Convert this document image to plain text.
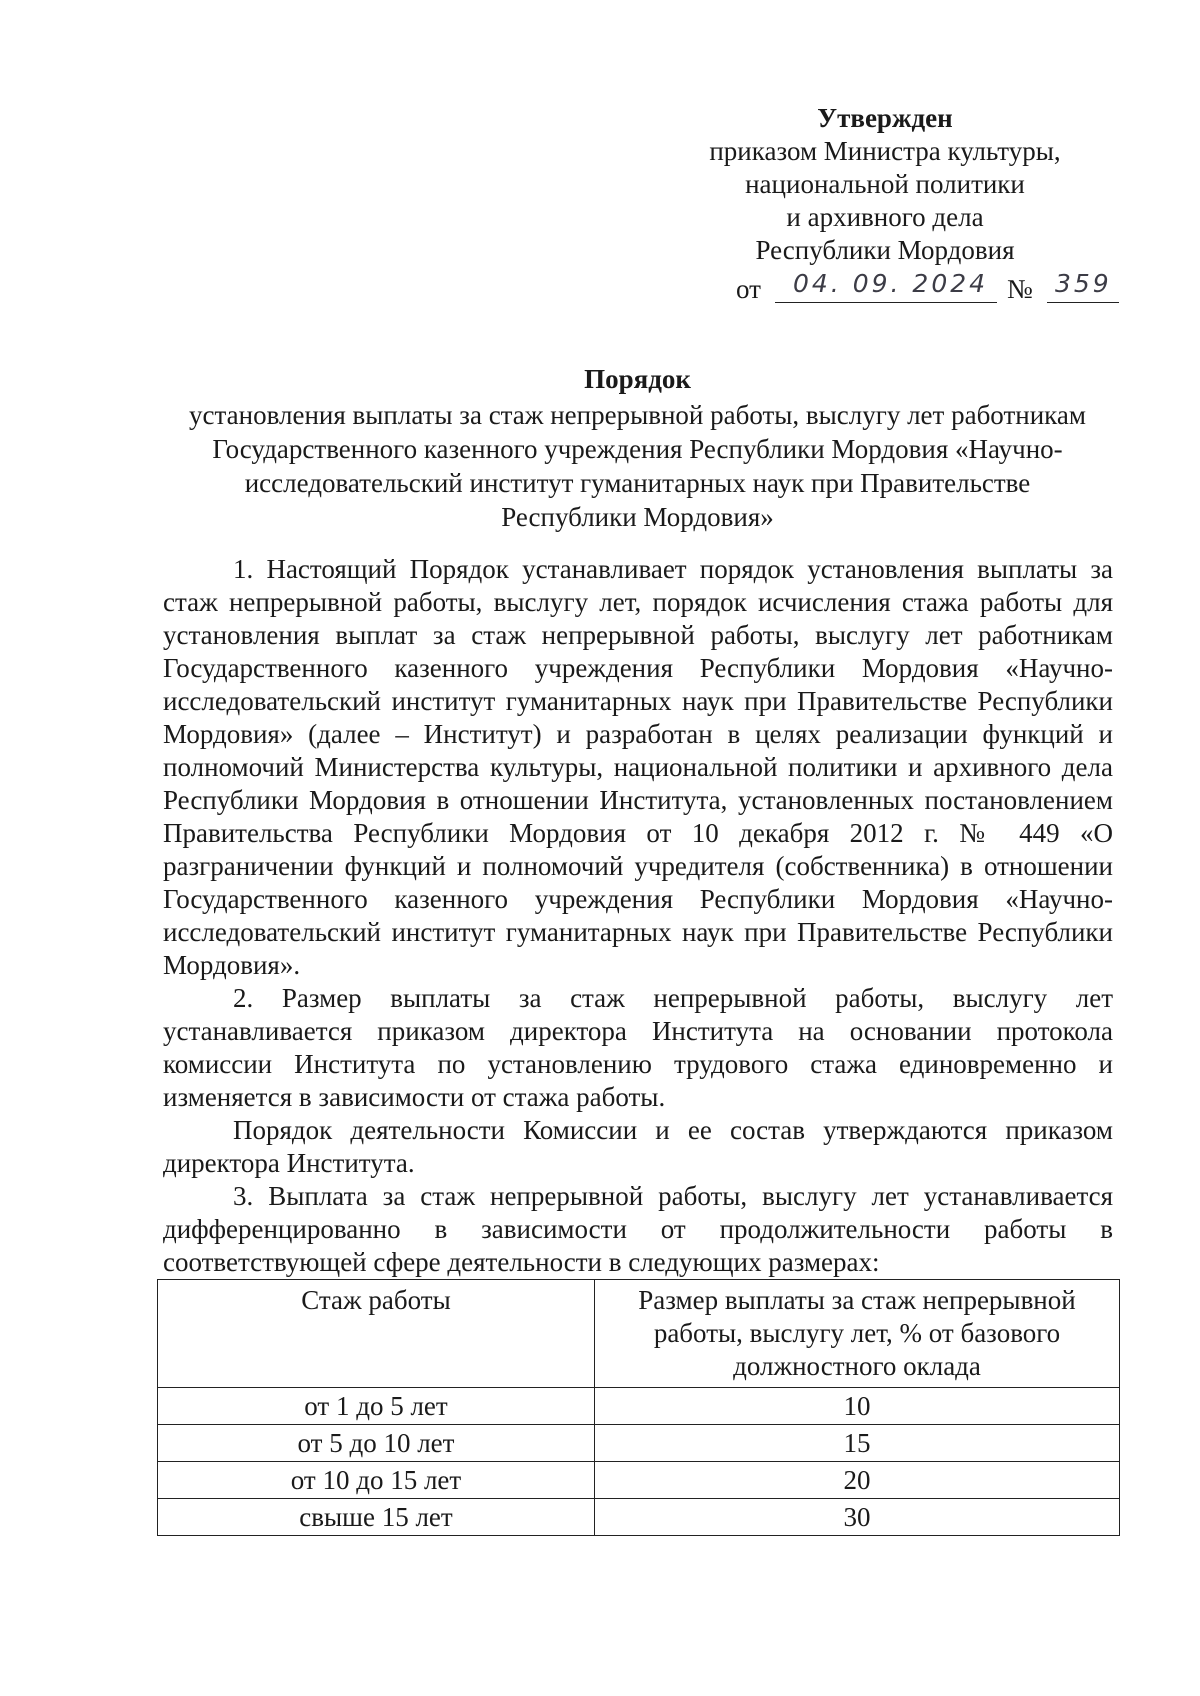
Утвержден
приказом Министра культуры,
национальной политики
и архивного дела
Республики Мордовия
от 04. 09. 2024 № 359
Порядок
установления выплаты за стаж непрерывной работы, выслугу лет работникам
Государственного казенного учреждения Республики Мордовия «Научно-
исследовательский институт гуманитарных наук при Правительстве
Республики Мордовия»

1. Настоящий Порядок устанавливает порядок установления выплаты за стаж непрерывной работы, выслугу лет, порядок исчисления стажа работы для установления выплат за стаж непрерывной работы, выслугу лет работникам Государственного казенного учреждения Республики Мордовия «Научно-исследовательский институт гуманитарных наук при Правительстве Республики Мордовия» (далее – Институт) и разработан в целях реализации функций и полномочий Министерства культуры, национальной политики и архивного дела Республики Мордовия в отношении Института, установленных постановлением Правительства Республики Мордовия от 10 декабря 2012 г. № 449 «О разграничении функций и полномочий учредителя (собственника) в отношении Государственного казенного учреждения Республики Мордовия «Научно-исследовательский институт гуманитарных наук при Правительстве Республики Мордовия».

2. Размер выплаты за стаж непрерывной работы, выслугу лет устанавливается приказом директора Института на основании протокола комиссии Института по установлению трудового стажа единовременно и изменяется в зависимости от стажа работы.

Порядок деятельности Комиссии и ее состав утверждаются приказом директора Института.

3. Выплата за стаж непрерывной работы, выслугу лет устанавливается дифференцированно в зависимости от продолжительности работы в соответствующей сфере деятельности в следующих размерах:

Стаж работы	Размер выплаты за стаж непрерывной работы, выслугу лет, % от базового должностного оклада
от 1 до 5 лет	10
от 5 до 10 лет	15
от 10 до 15 лет	20
свыше 15 лет	30
